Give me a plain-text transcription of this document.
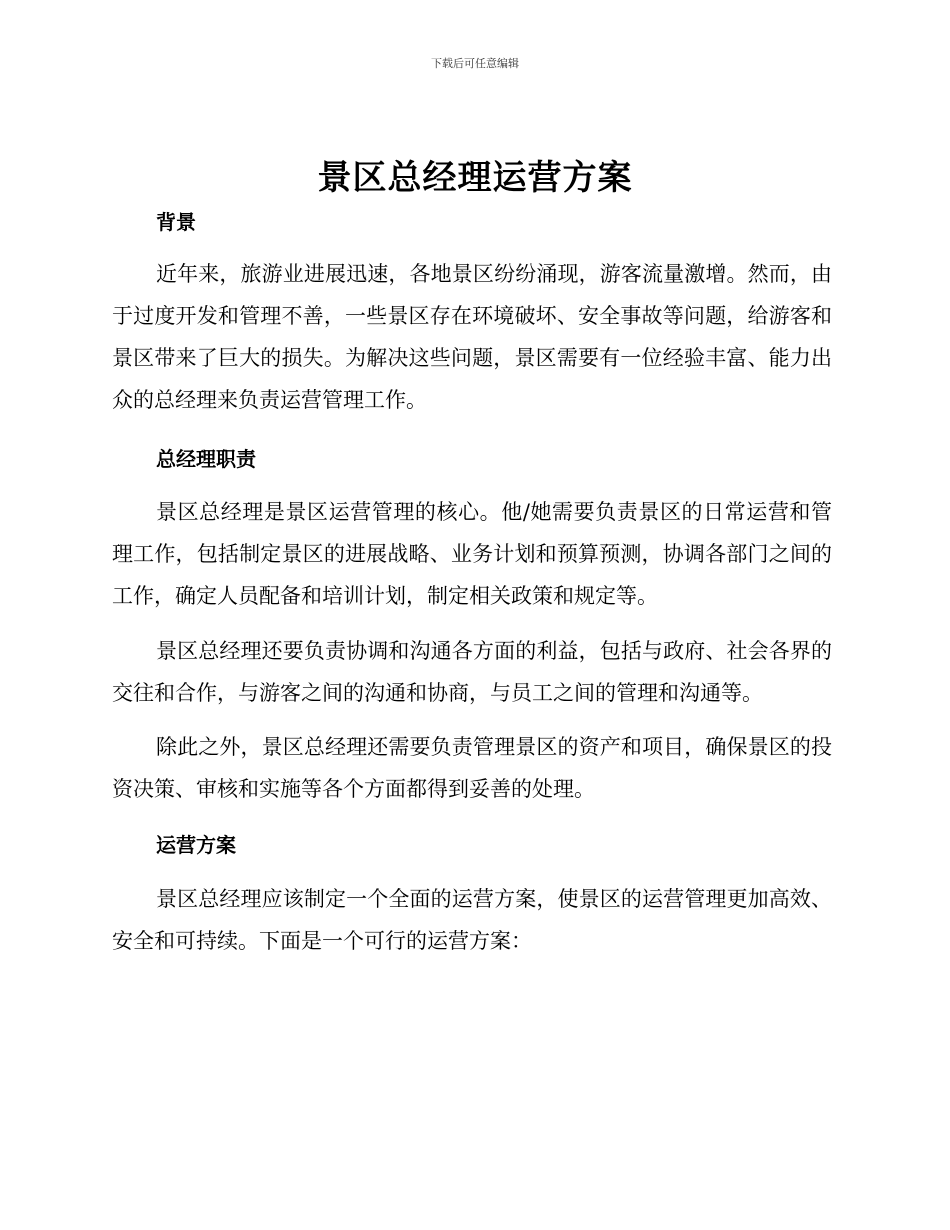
下载后可任意编辑
景区总经理运营方案
背景

近年来，旅游业进展迅速，各地景区纷纷涌现，游客流量激增。然而，由于过度开发和管理不善，一些景区存在环境破坏、安全事故等问题，给游客和景区带来了巨大的损失。为解决这些问题，景区需要有一位经验丰富、能力出众的总经理来负责运营管理工作。

总经理职责

景区总经理是景区运营管理的核心。他/她需要负责景区的日常运营和管理工作，包括制定景区的进展战略、业务计划和预算预测，协调各部门之间的工作，确定人员配备和培训计划，制定相关政策和规定等。

景区总经理还要负责协调和沟通各方面的利益，包括与政府、社会各界的交往和合作，与游客之间的沟通和协商，与员工之间的管理和沟通等。

除此之外，景区总经理还需要负责管理景区的资产和项目，确保景区的投资决策、审核和实施等各个方面都得到妥善的处理。

运营方案

景区总经理应该制定一个全面的运营方案，使景区的运营管理更加高效、安全和可持续。下面是一个可行的运营方案：
